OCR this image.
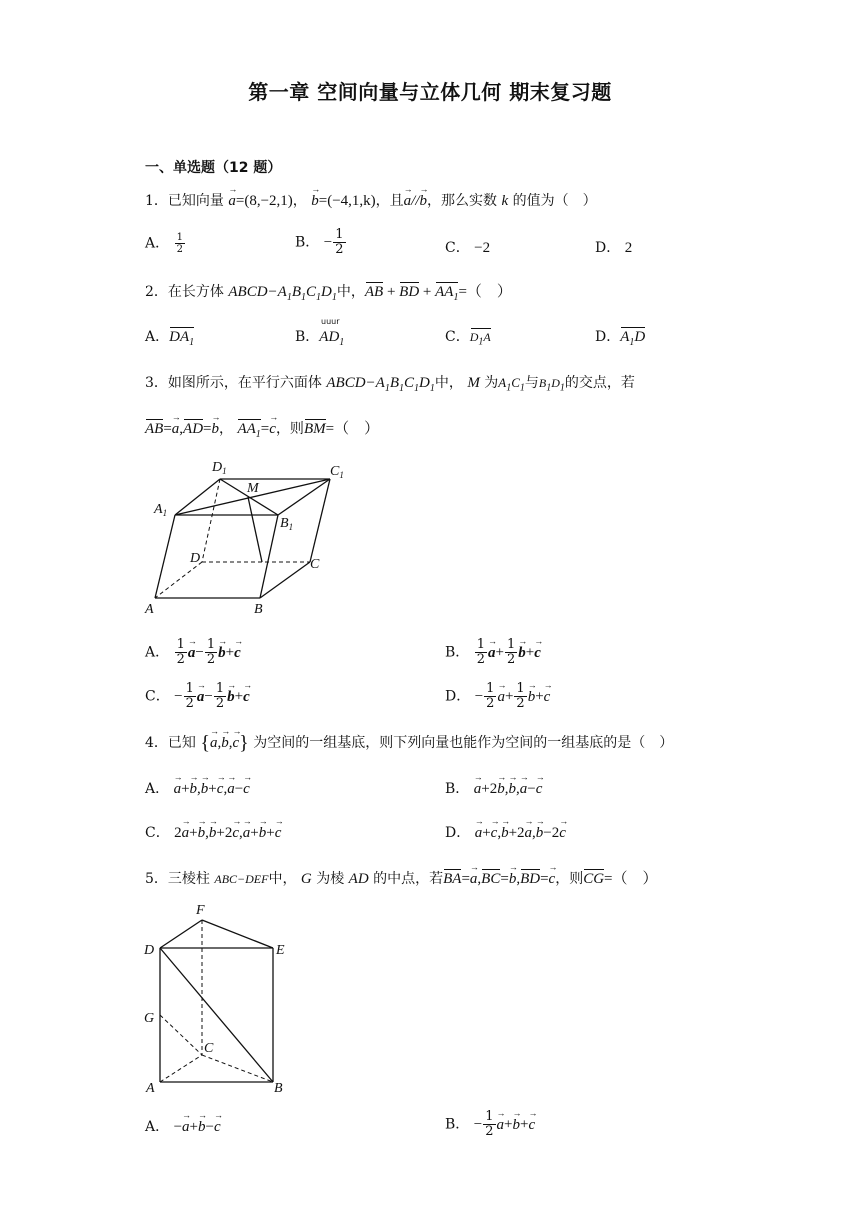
第一章 空间向量与立体几何 期末复习题
一、单选题（12 题）
1．已知向量 → a=(8,−2,1)， → b=(−4,1,k)，且→ a//→ b，那么实数 k 的值为（　）
A． $\frac{1}{2}$	B． − $\frac{1}{2}$	C． −2	D． 2
2．在长方体 $ABCD-A_1B_1C_1D_1$中，AB + BD + $AA_1=$（　）
A．$DA_1$
uuur
B．$AD_1$	C．$D_1A$	D．$A_1D$
3．如图所示，在平行六面体 $ABCD-A_1B_1C_1D_1$中， M 为$A_1C_1$与$B_1D_1$的交点，若
AB=→ a,AD=→ b， $AA_1=\to c$，则BM=（　）
$D_1$
M
$C_1$
$A_1$
$B_1$
D	C
A	B
A． $\frac{1}{2}$
→ $a- \frac{1}{2}$
→ b+→ c	B． $\frac{1}{2}$
→ $a+ \frac{1}{2}$
→ b+→ c
C． − $\frac{1}{2}$
→ $a- \frac{1}{2}$
→ b+→ c	D． − $\frac{1}{2}$
→ $a+ \frac{1}{2}$
→ b+→ c
4．已知 {→ a,→ b,→ c} 为空间的一组基底，则下列向量也能作为空间的一组基底的是（　）
A． → a+→ b,→ b+→ c,→ a−→ c	B． → a+2→ b,→ b,→ a−→ c
C． 2→ a+→ b,→ b+2→ c,→ a+→ b+→ c	D． → a+→ c,→ b+2→ a,→ b−2→ c
5．三棱柱 ABC−DEF中， G 为棱 AD 的中点，若BA=→ a,BC=→ b,BD=→ c，则CG=（　）
F
D	E
G
C
A	B
A． −→ a+→ b−→ c	B． − $\frac{1}{2}$
→ a+→ b+→ c
